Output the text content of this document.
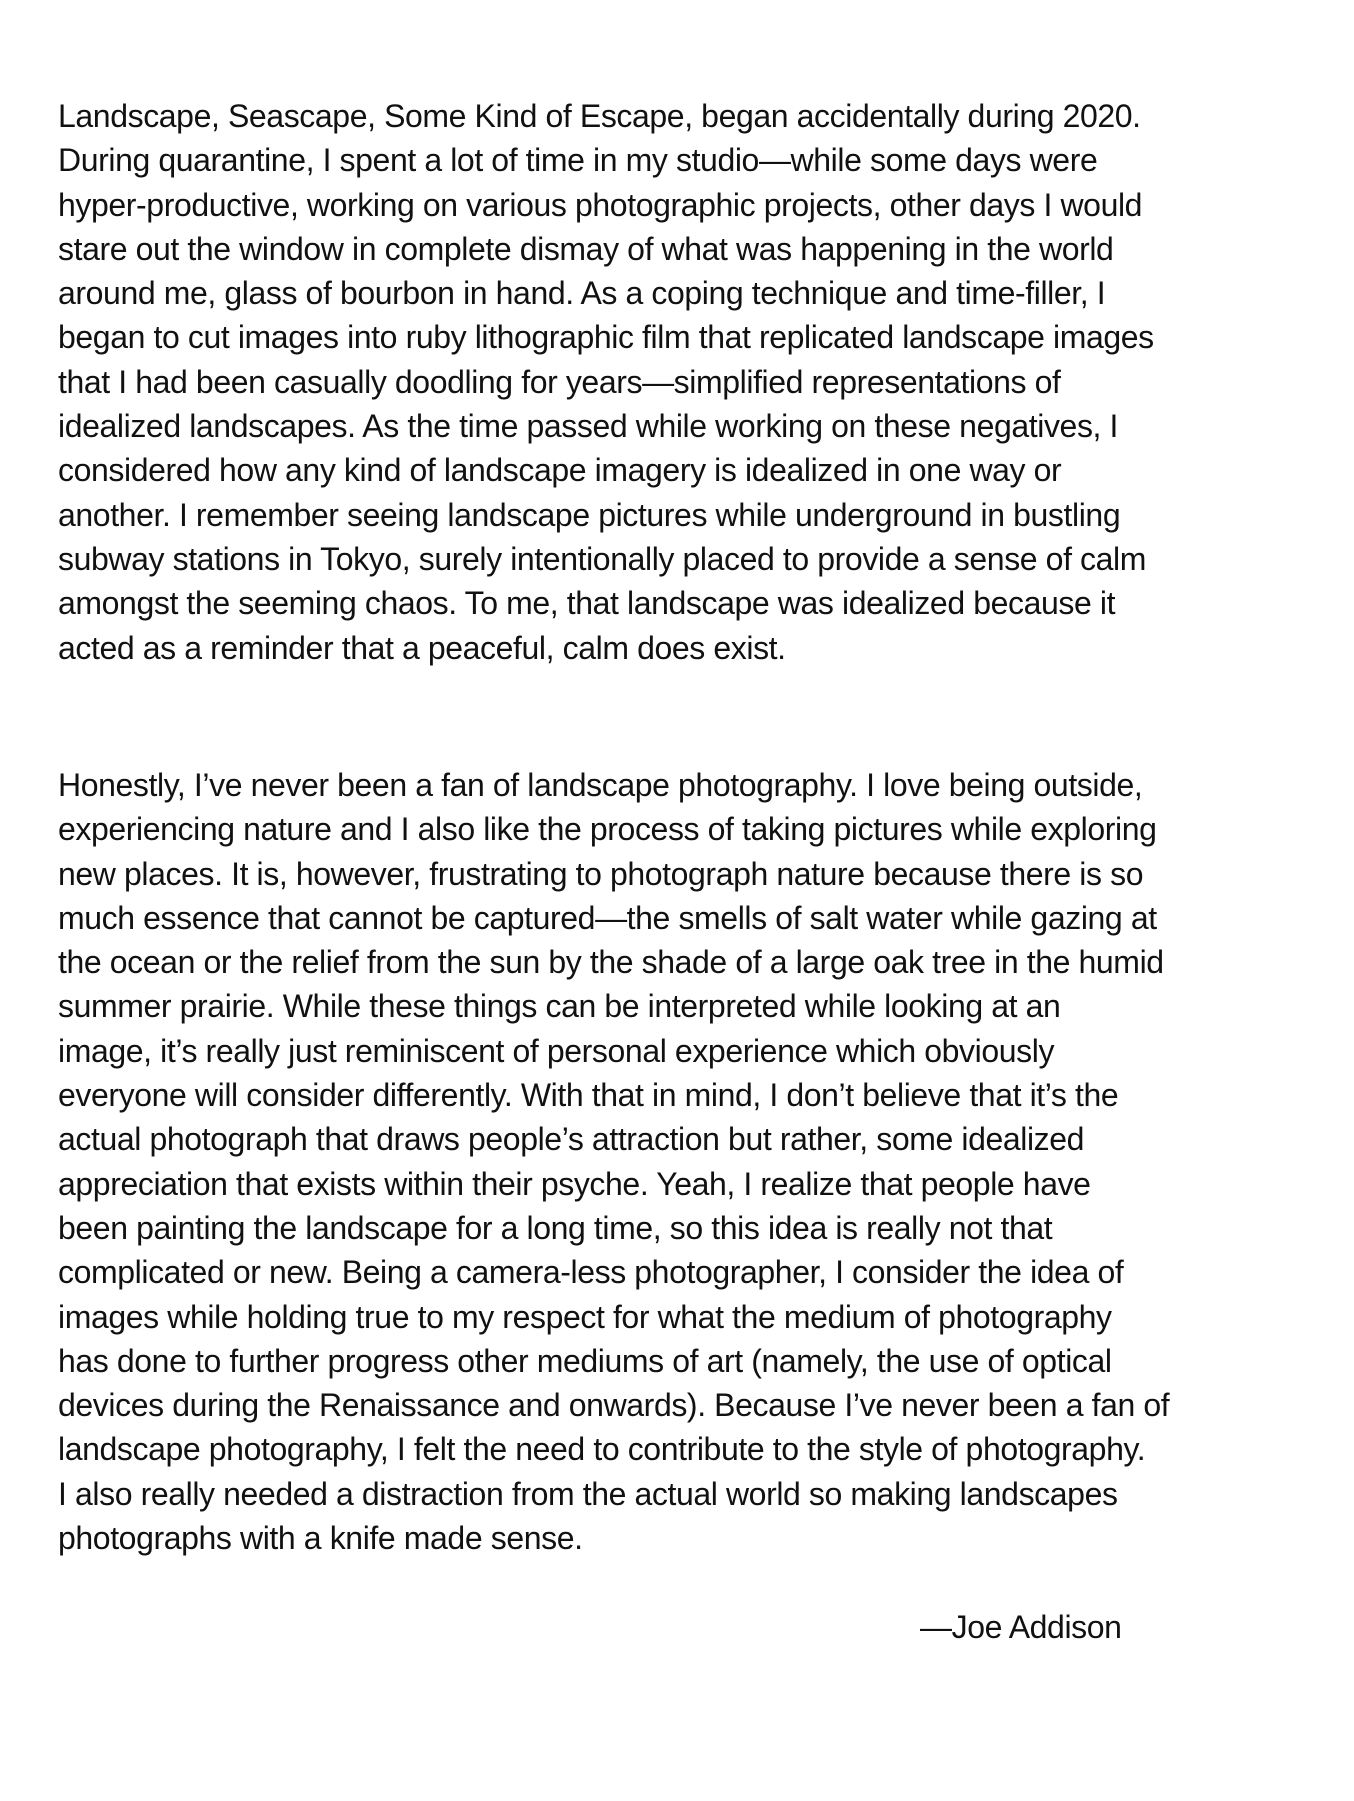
Landscape, Seascape, Some Kind of Escape, began accidentally during 2020.
During quarantine, I spent a lot of time in my studio—while some days were
hyper-productive, working on various photographic projects, other days I would
stare out the window in complete dismay of what was happening in the world
around me, glass of bourbon in hand. As a coping technique and time-filler, I
began to cut images into ruby lithographic film that replicated landscape images
that I had been casually doodling for years—simplified representations of
idealized landscapes. As the time passed while working on these negatives, I
considered how any kind of landscape imagery is idealized in one way or
another. I remember seeing landscape pictures while underground in bustling
subway stations in Tokyo, surely intentionally placed to provide a sense of calm
amongst the seeming chaos. To me, that landscape was idealized because it
acted as a reminder that a peaceful, calm does exist.

Honestly, I’ve never been a fan of landscape photography. I love being outside,
experiencing nature and I also like the process of taking pictures while exploring
new places. It is, however, frustrating to photograph nature because there is so
much essence that cannot be captured—the smells of salt water while gazing at
the ocean or the relief from the sun by the shade of a large oak tree in the humid
summer prairie. While these things can be interpreted while looking at an
image, it’s really just reminiscent of personal experience which obviously
everyone will consider differently. With that in mind, I don’t believe that it’s the
actual photograph that draws people’s attraction but rather, some idealized
appreciation that exists within their psyche. Yeah, I realize that people have
been painting the landscape for a long time, so this idea is really not that
complicated or new. Being a camera-less photographer, I consider the idea of
images while holding true to my respect for what the medium of photography
has done to further progress other mediums of art (namely, the use of optical
devices during the Renaissance and onwards). Because I’ve never been a fan of
landscape photography, I felt the need to contribute to the style of photography.
I also really needed a distraction from the actual world so making landscapes
photographs with a knife made sense.

—Joe Addison
